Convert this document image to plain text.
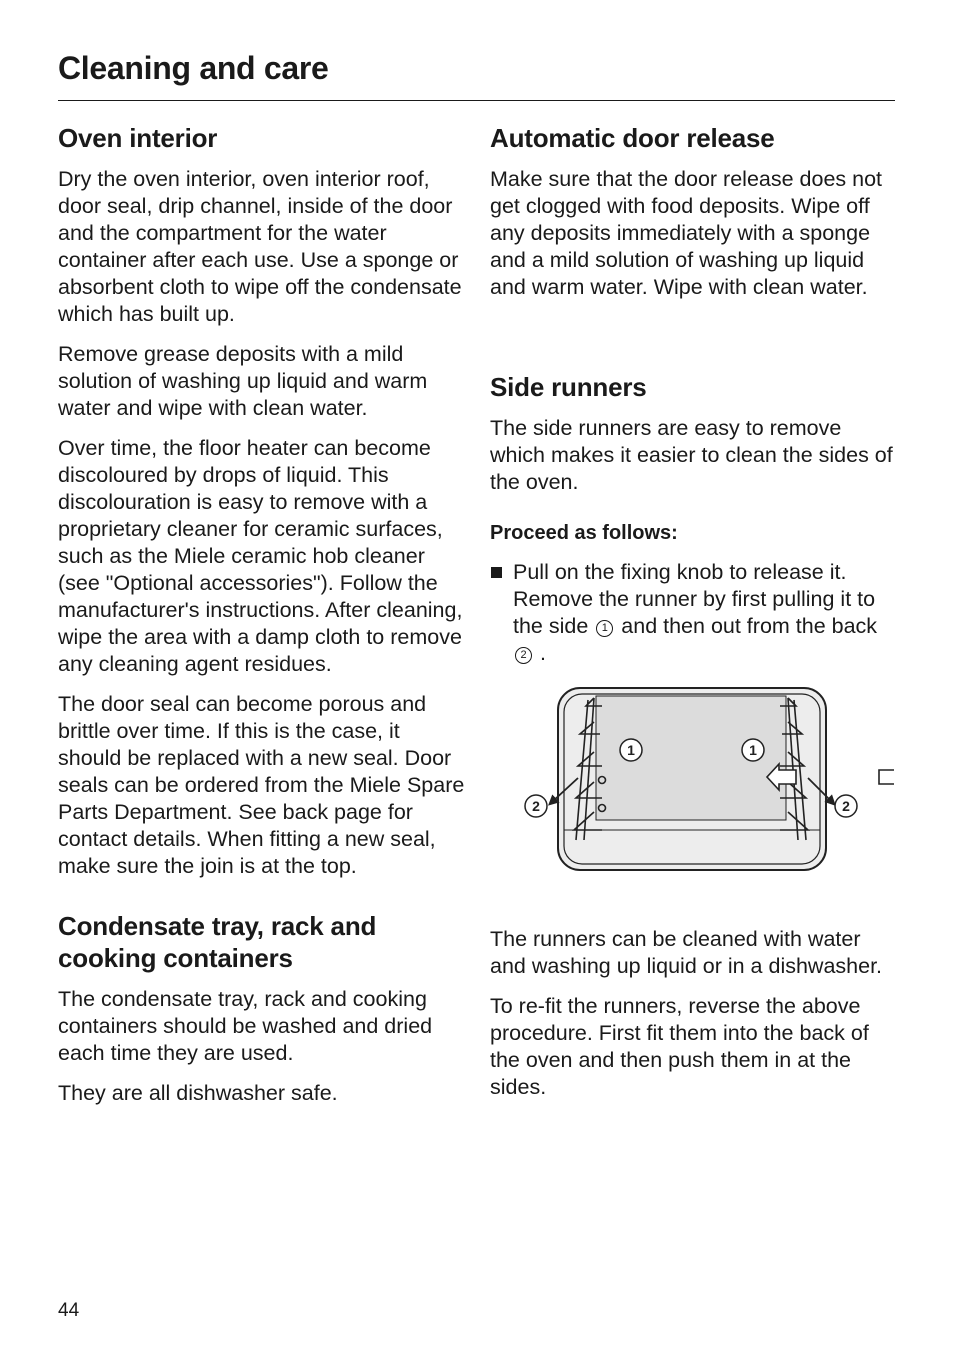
Cleaning and care
Oven interior

Dry the oven interior, oven interior roof, door seal, drip channel, inside of the door and the compartment for the water container after each use. Use a sponge or absorbent cloth to wipe off the condensate which has built up.

Remove grease deposits with a mild solution of washing up liquid and warm water and wipe with clean water.

Over time, the floor heater can become discoloured by drops of liquid. This discolouration is easy to remove with a proprietary cleaner for ceramic surfaces, such as the Miele ceramic hob cleaner (see "Optional accessories"). Follow the manufacturer's instructions. After cleaning, wipe the area with a damp cloth to remove any cleaning agent residues.

The door seal can become porous and brittle over time. If this is the case, it should be replaced with a new seal. Door seals can be ordered from the Miele Spare Parts Department. See back page for contact details. When fitting a new seal, make sure the join is at the top.

Condensate tray, rack and cooking containers

The condensate tray, rack and cooking containers should be washed and dried each time they are used.

They are all dishwasher safe.

Automatic door release

Make sure that the door release does not get clogged with food deposits. Wipe off any deposits immediately with a sponge and a mild solution of washing up liquid and warm water. Wipe with clean water.

Side runners

The side runners are easy to remove which makes it easier to clean the sides of the oven.

Proceed as follows:

Pull on the fixing knob to release it. Remove the runner by first pulling it to the side 1 and then out from the back 2 .

1	1
2	2

The runners can be cleaned with water and washing up liquid or in a dishwasher.

To re-fit the runners, reverse the above procedure. First fit them into the back of the oven and then push them in at the sides.

44
